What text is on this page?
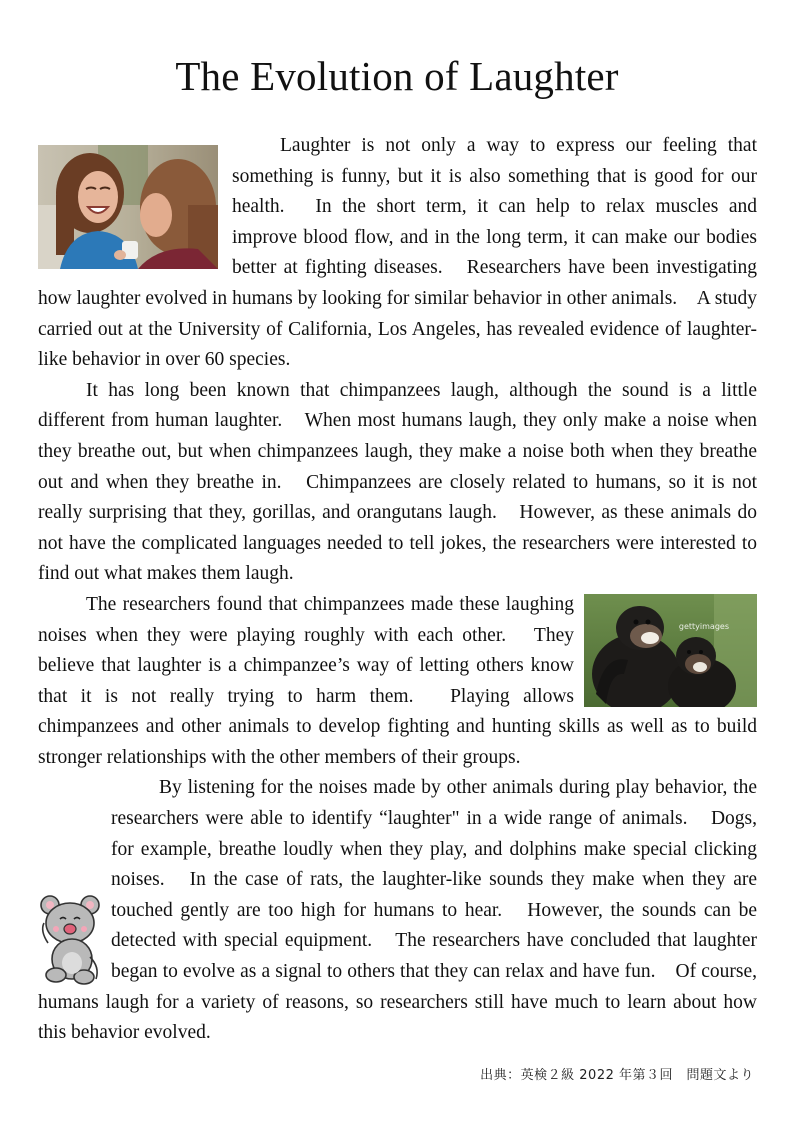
The Evolution of Laughter

Laughter is not only a way to express our feeling that something is funny, but it is also something that is good for our health.　In the short term, it can help to relax muscles and improve blood flow, and in the long term, it can make our bodies better at fighting diseases.　Researchers have been investigating how laughter evolved in humans by looking for similar behavior in other animals.　A study carried out at the University of California, Los Angeles, has revealed evidence of laughter-like behavior in over 60 species.

It has long been known that chimpanzees laugh, although the sound is a little different from human laughter.　When most humans laugh, they only make a noise when they breathe out, but when chimpanzees laugh, they make a noise both when they breathe out and when they breathe in.　Chimpanzees are closely related to humans, so it is not really surprising that they, gorillas, and orangutans laugh.　However, as these animals do not have the complicated languages needed to tell jokes, the researchers were interested to find out what makes them laugh.

gettyimages

The researchers found that chimpanzees made these laughing noises when they were playing roughly with each other.　They believe that laughter is a chimpanzee’s way of letting others know that it is not really trying to harm them.　Playing allows chimpanzees and other animals to develop fighting and hunting skills as well as to build stronger relationships with the other members of their groups.

By listening for the noises made by other animals during play behavior, the researchers were able to identify “laughter" in a wide range of animals.　Dogs, for example, breathe loudly when they play, and dolphins make special clicking noises.　In the case of rats, the laughter-like sounds they make when they are touched gently are too high for humans to hear.　However, the sounds can be detected with special equipment.　The researchers have concluded that laughter began to evolve as a signal to others that they can relax and have fun.　Of course, humans laugh for a variety of reasons, so researchers still have much to learn about how this behavior evolved.

出典：英検２級 2022 年第３回　問題文より
